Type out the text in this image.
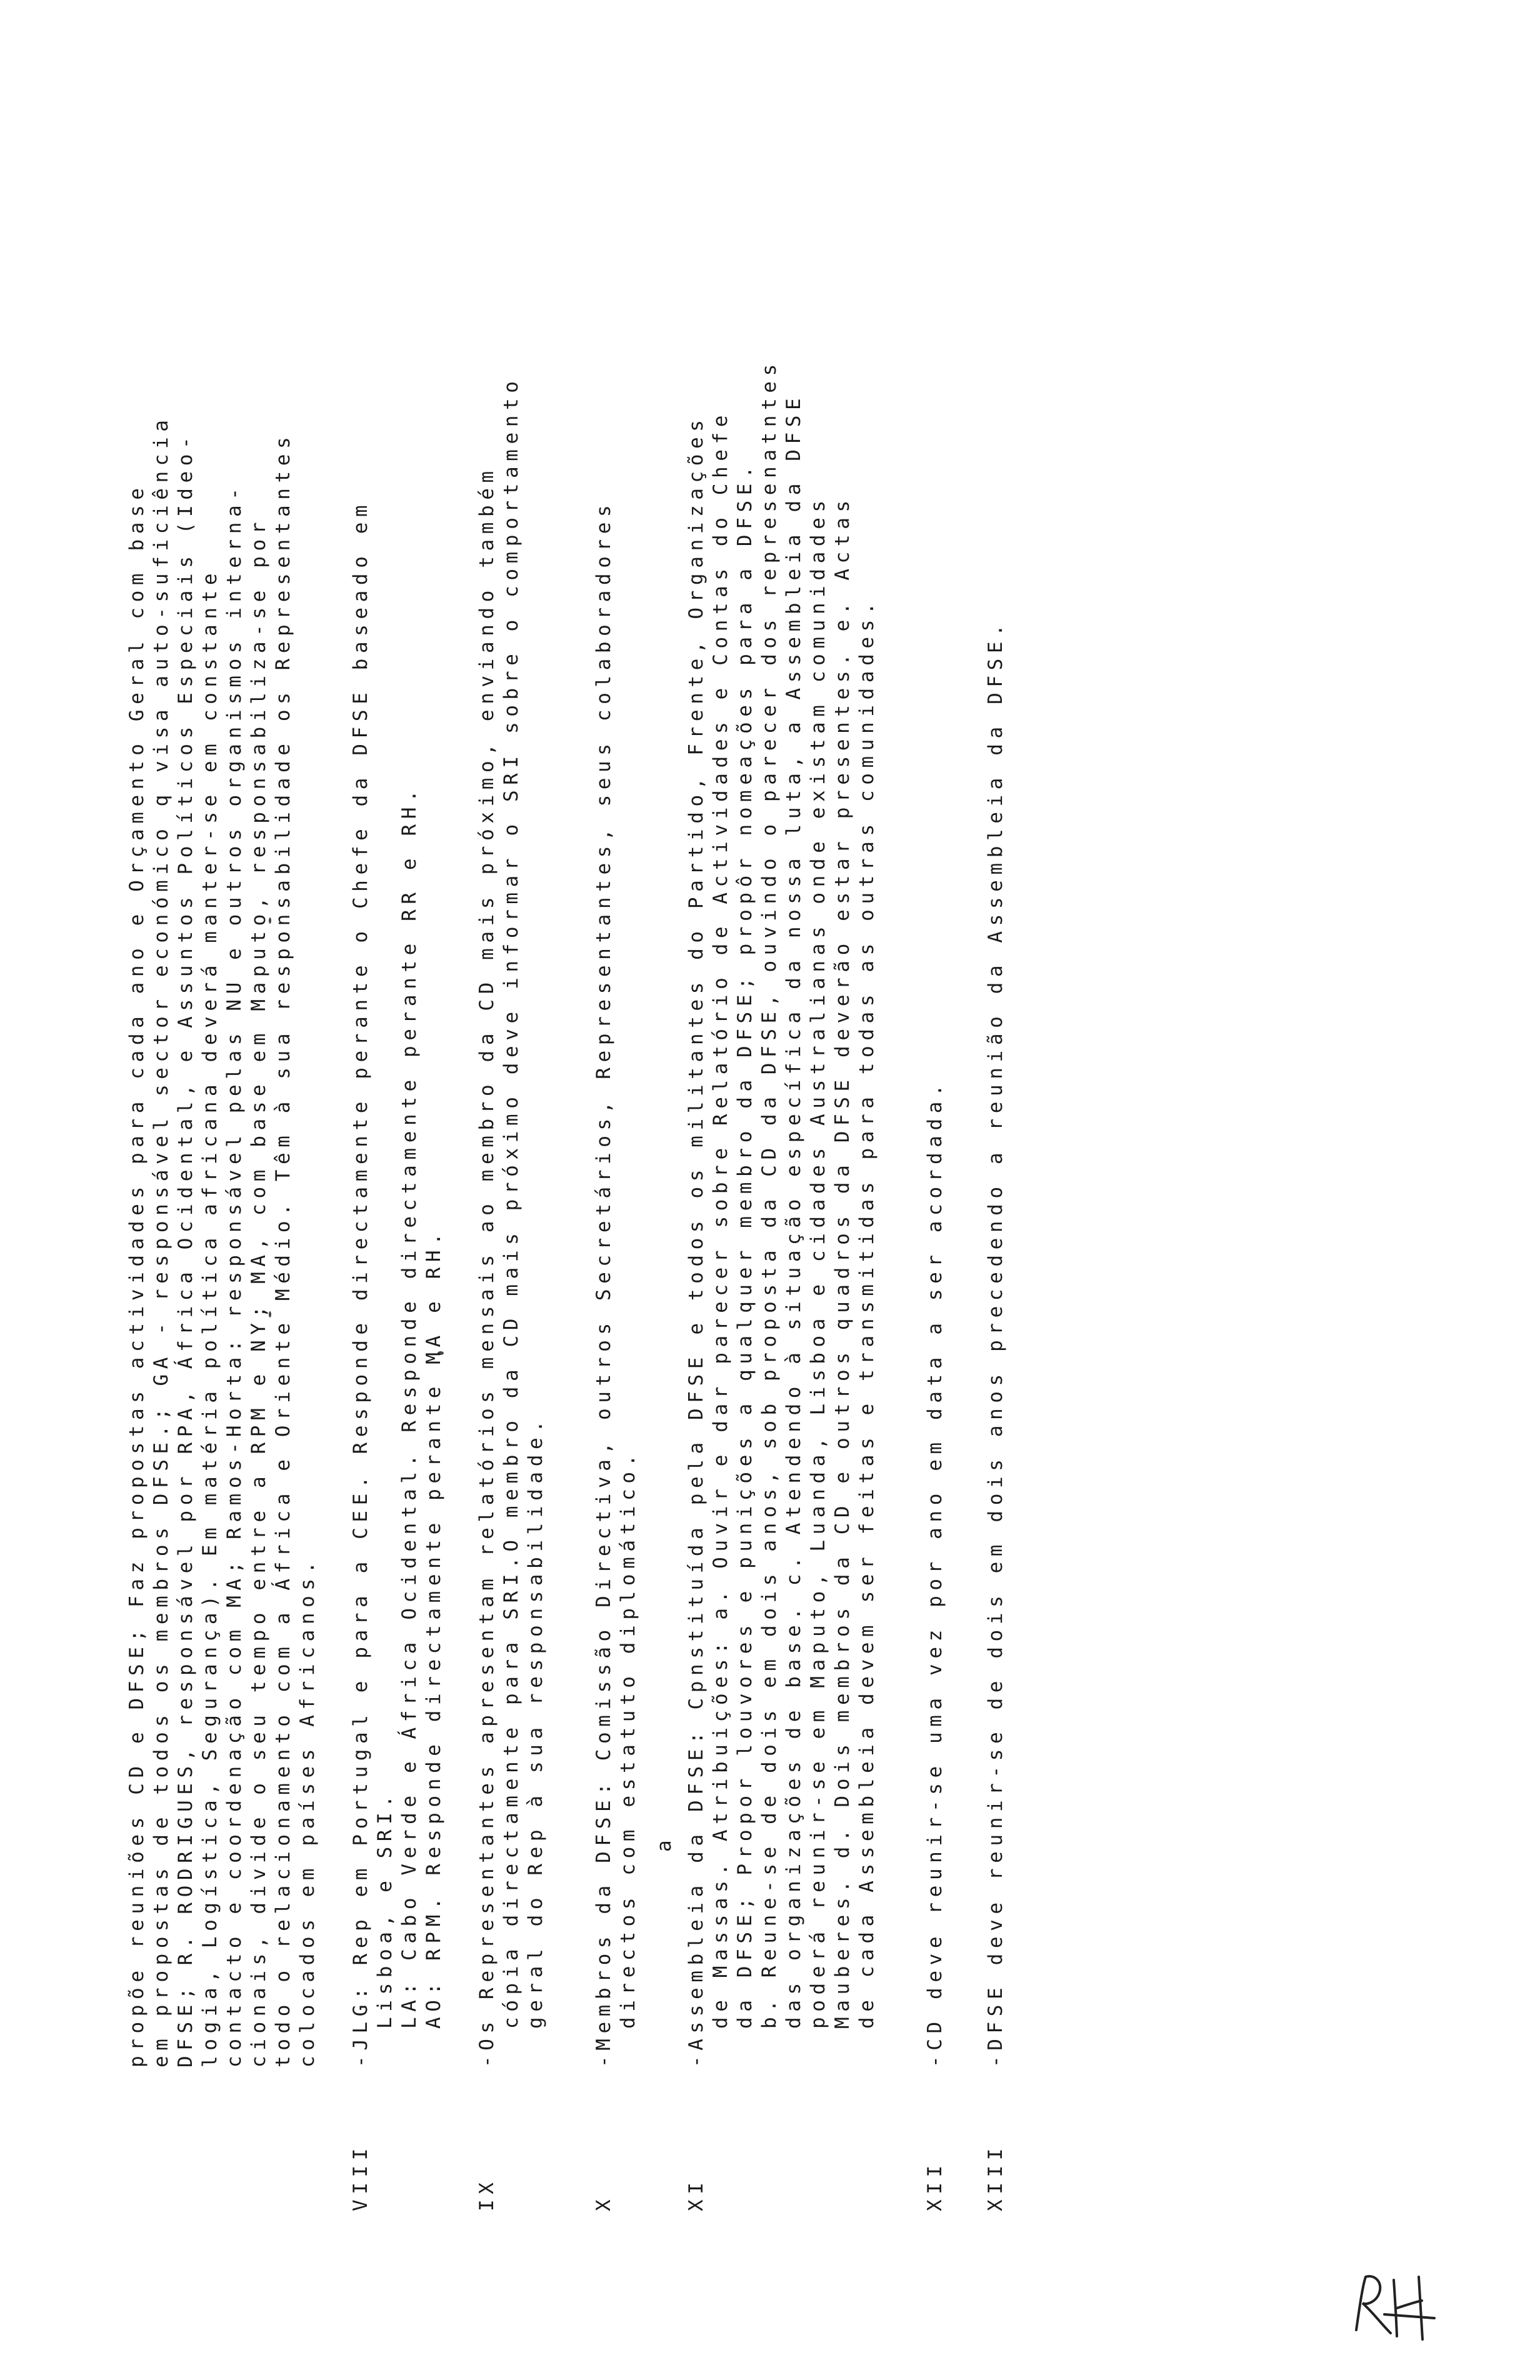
propõe reuniões CD e DFSE; Faz propostas actividades para cada ano e Orçamento Geral com base em propostas de todos os membros DFSE.; GA - responsável sector económico q visa auto-suficiência DFSE; R. RODRIGUES, responsável por RPA, África Ocidental, e Assuntos Políticos Especiais (Ideo- logia, Logística, Segurança). Em matéria política africana deverá manter-se em constante contacto e coordenação com MA; Ramos-Horta: responsável pelas NU e outros organismos interna- cionais, divide o seu tempo entre a RPM e NY; MA, com base em Maputo, responsabiliza-se por todo o relacionamento com a África e Oriente Médio. Têm à sua responsabilidade os Representantes colocados em países Africanos.
VIII
-JLG: Rep em Portugal e para a CEE. Responde directamente perante o Chefe da DFSE baseado em Lisboa, e SRI. LA: Cabo Verde e África Ocidental. Responde directamente perante RR e RH. AO: RPM. Responde directamente perante MA e RH.
IX
-Os Representantes apresentam relatórios mensais ao membro da CD mais próximo, enviando também cópia directamente para SRI.O membro da CD mais próximo deve informar o SRI sobre o comportamento geral do Rep à sua responsabilidade.
X
-Membros da DFSE: Comissão Directiva, outros Secretários, Representantes, seus colaboradores directos com estatuto diplomático. a
XI
-Assembleia da DFSE: Cpnstituída pela DFSE e todos os militantes do Partido, Frente, Organizações de Massas. Atribuições: a. Ouvir e dar parecer sobre Relatório de Actividades e Contas do Chefe da DFSE; Propor louvores e punições a qualquer membro da DFSE; propôr nomeações para a DFSE. b. Reune-se de dois em dois anos, sob proposta da CD da DFSE, ouvindo o parecer dos represenatntes das organizações de base. c. Atendendo à situação específica da nossa luta, a Assembleia da DFSE poderá reunir-se em Maputo, Luanda, Lisboa e cidades Australianas onde existam comunidades Mauberes. d. Dois membros da CD e outros quadros da DFSE deverão estar presentes. e. Actas de cada Assembleia devem ser feitas e transmitidas para todas as outras comunidades.
XII
-CD deve reunir-se uma vez por ano em data a ser acordada.
XIII
-DFSE deve reunir-se de dois em dois anos precedendo a reunião da Assembleia da DFSE.
